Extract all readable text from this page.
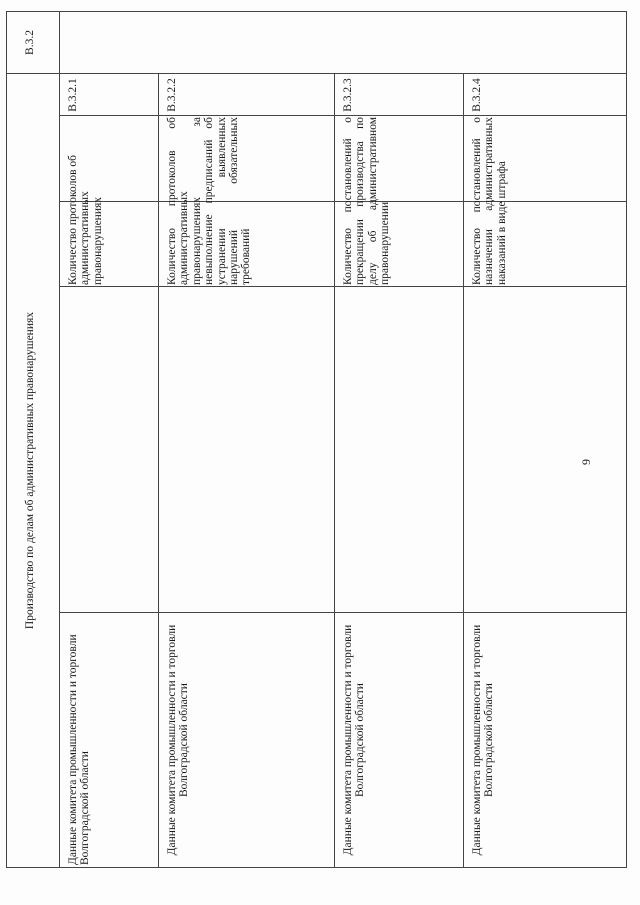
Производство по делам об административных правонарушениях
В.3.2
Данные комитета промышленности и торговли Волгоградской области
Количество протоколов об административных правонарушениях
В.3.2.1
Данные комитета промышленности и торговли Волгоградской области
Количество протоколов об административных правонарушениях за невыполнение предписаний об устранении выявленных нарушений обязательных требований
В.3.2.2
Данные комитета промышленности и торговли Волгоградской области
Количество постановлений о прекращении производства по делу об административном правонарушении
В.3.2.3
Данные комитета промышленности и торговли Волгоградской области
Количество постановлений о назначении административных наказаний в виде штрафа
В.3.2.4
9
